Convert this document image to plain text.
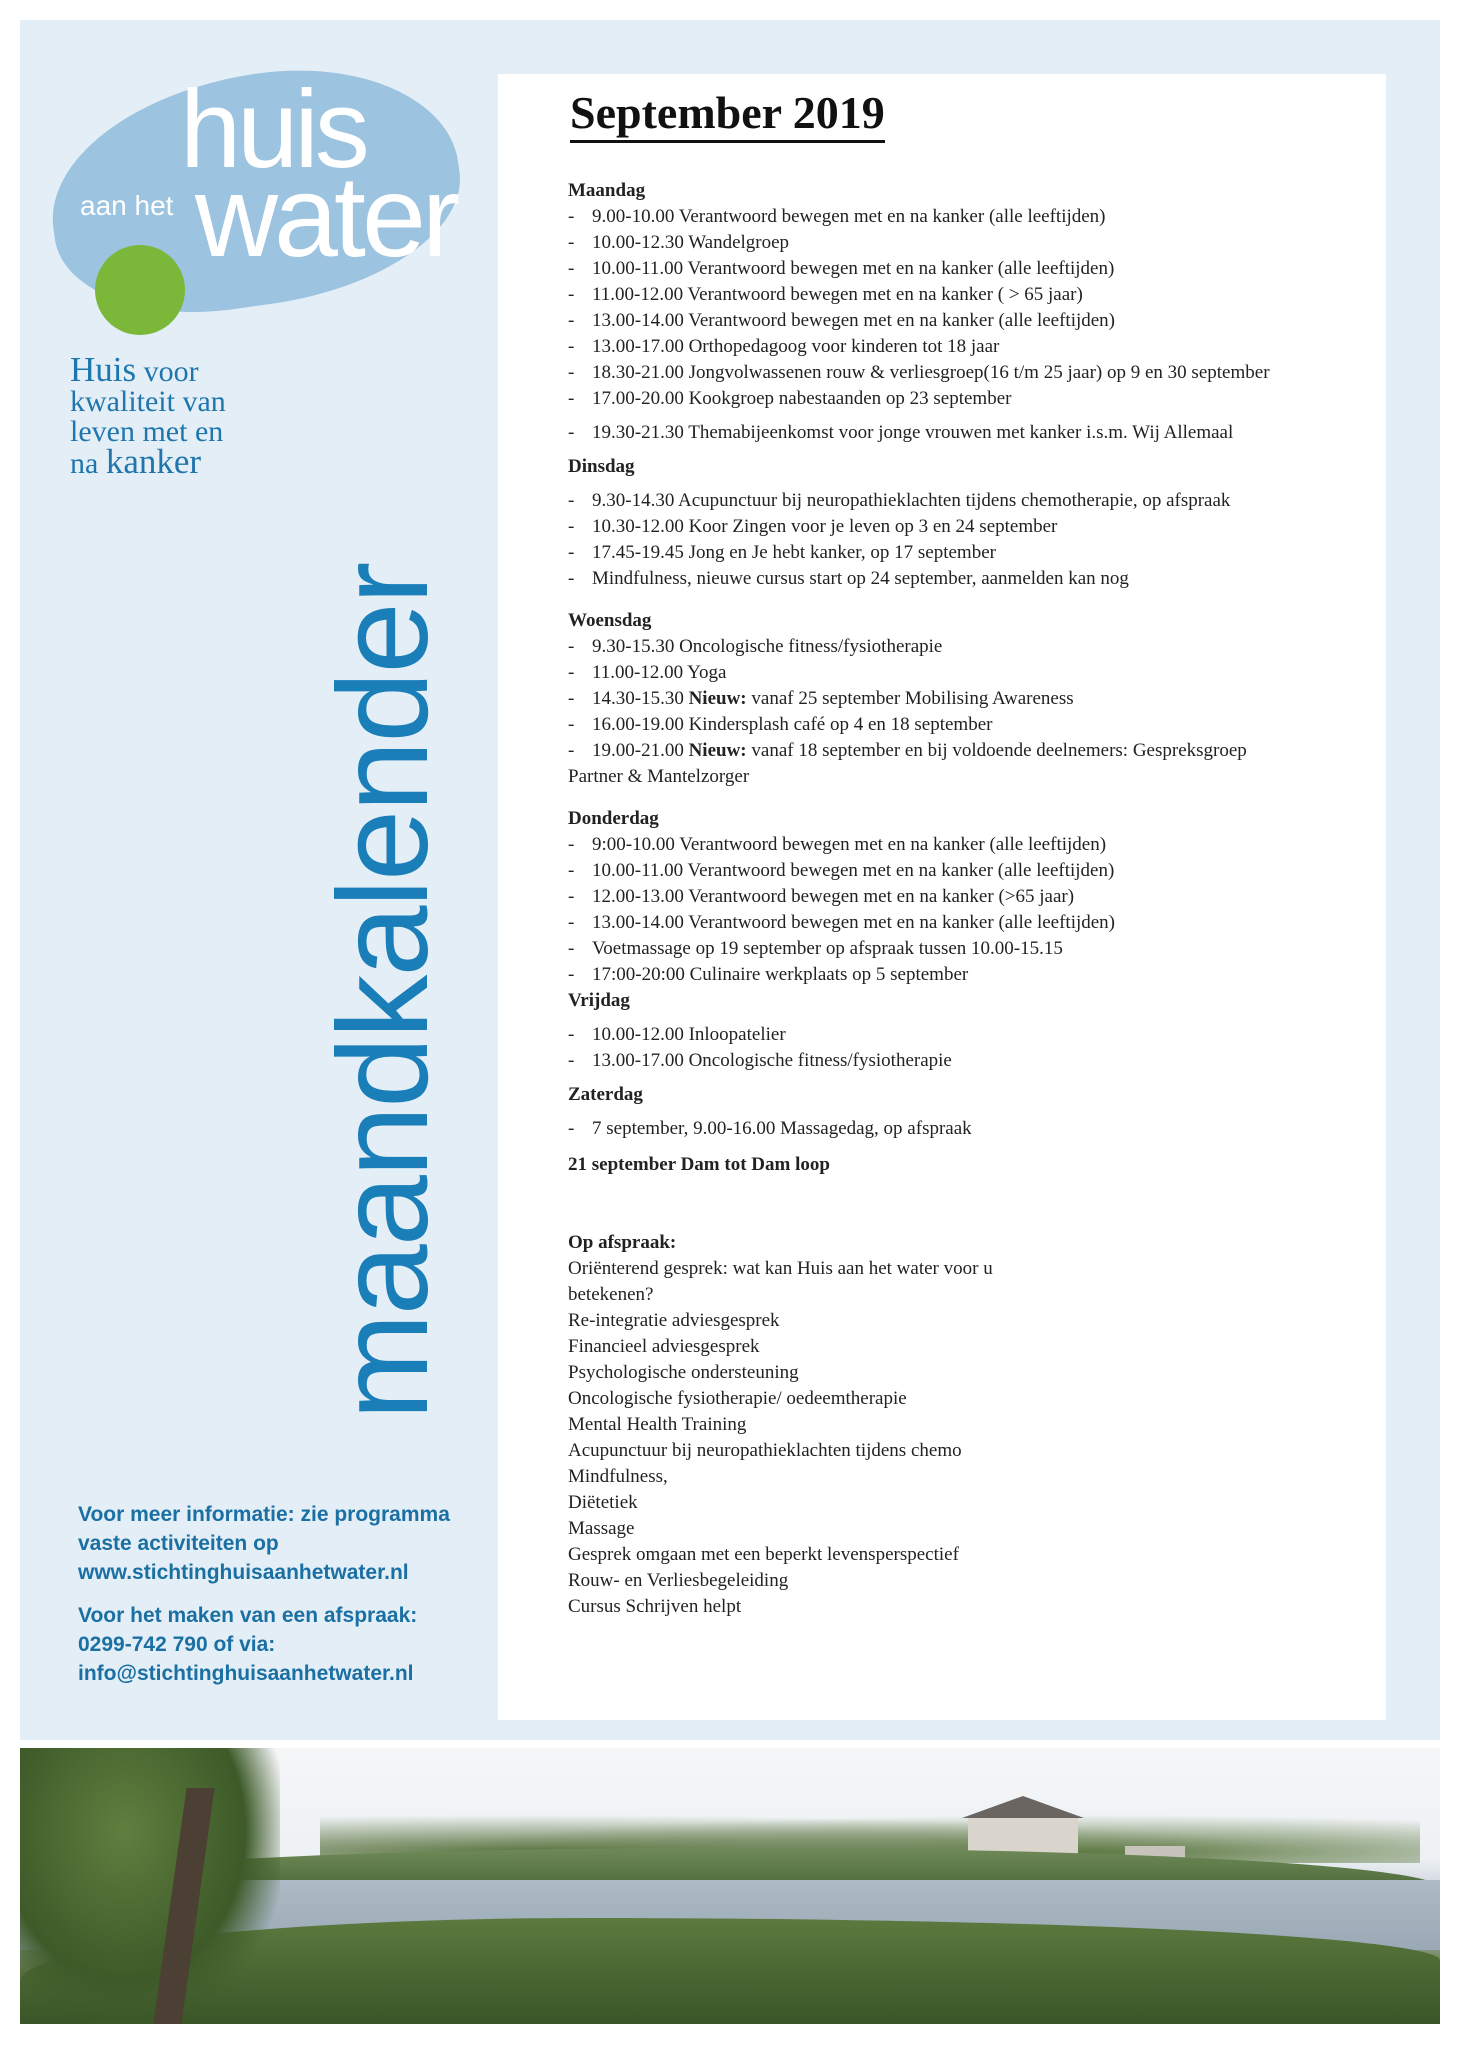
huis
aan het water
Huis voor
kwaliteit van
leven met en
na kanker
maandkalender

Voor meer informatie: zie programma
vaste activiteiten op
www.stichtinghuisaanhetwater.nl

Voor het maken van een afspraak:
0299-742 790 of via:
info@stichtinghuisaanhetwater.nl

September 2019

Maandag

- 9.00-10.00 Verantwoord bewegen met en na kanker (alle leeftijden)
- 10.00-12.30 Wandelgroep
- 10.00-11.00 Verantwoord bewegen met en na kanker (alle leeftijden)
- 11.00-12.00 Verantwoord bewegen met en na kanker ( > 65 jaar)
- 13.00-14.00 Verantwoord bewegen met en na kanker (alle leeftijden)
- 13.00-17.00 Orthopedagoog voor kinderen tot 18 jaar
- 18.30-21.00 Jongvolwassenen rouw & verliesgroep(16 t/m 25 jaar) op 9 en 30 september
- 17.00-20.00 Kookgroep nabestaanden op 23 september
- 19.30-21.30 Themabijeenkomst voor jonge vrouwen met kanker i.s.m. Wij Allemaal

Dinsdag

- 9.30-14.30 Acupunctuur bij neuropathieklachten tijdens chemotherapie, op afspraak
- 10.30-12.00 Koor Zingen voor je leven op 3 en 24 september
- 17.45-19.45 Jong en Je hebt kanker, op 17 september
- Mindfulness, nieuwe cursus start op 24 september, aanmelden kan nog

Woensdag

- 9.30-15.30 Oncologische fitness/fysiotherapie
- 11.00-12.00 Yoga
- 14.30-15.30 Nieuw: vanaf 25 september Mobilising Awareness
- 16.00-19.00 Kindersplash café op 4 en 18 september
- 19.00-21.00 Nieuw: vanaf 18 september en bij voldoende deelnemers: Gespreksgroep

Partner & Mantelzorger

Donderdag

- 9:00-10.00 Verantwoord bewegen met en na kanker (alle leeftijden)
- 10.00-11.00 Verantwoord bewegen met en na kanker (alle leeftijden)
- 12.00-13.00 Verantwoord bewegen met en na kanker (>65 jaar)
- 13.00-14.00 Verantwoord bewegen met en na kanker (alle leeftijden)
- Voetmassage op 19 september op afspraak tussen 10.00-15.15
- 17:00-20:00 Culinaire werkplaats op 5 september

Vrijdag

- 10.00-12.00 Inloopatelier
- 13.00-17.00 Oncologische fitness/fysiotherapie

Zaterdag

- 7 september, 9.00-16.00 Massagedag, op afspraak

21 september Dam tot Dam loop

Op afspraak:

Oriënterend gesprek: wat kan Huis aan het water voor u

betekenen?

Re-integratie adviesgesprek

Financieel adviesgesprek

Psychologische ondersteuning

Oncologische fysiotherapie/ oedeemtherapie

Mental Health Training

Acupunctuur bij neuropathieklachten tijdens chemo

Mindfulness,

Diëtetiek

Massage

Gesprek omgaan met een beperkt levensperspectief

Rouw- en Verliesbegeleiding

Cursus Schrijven helpt
